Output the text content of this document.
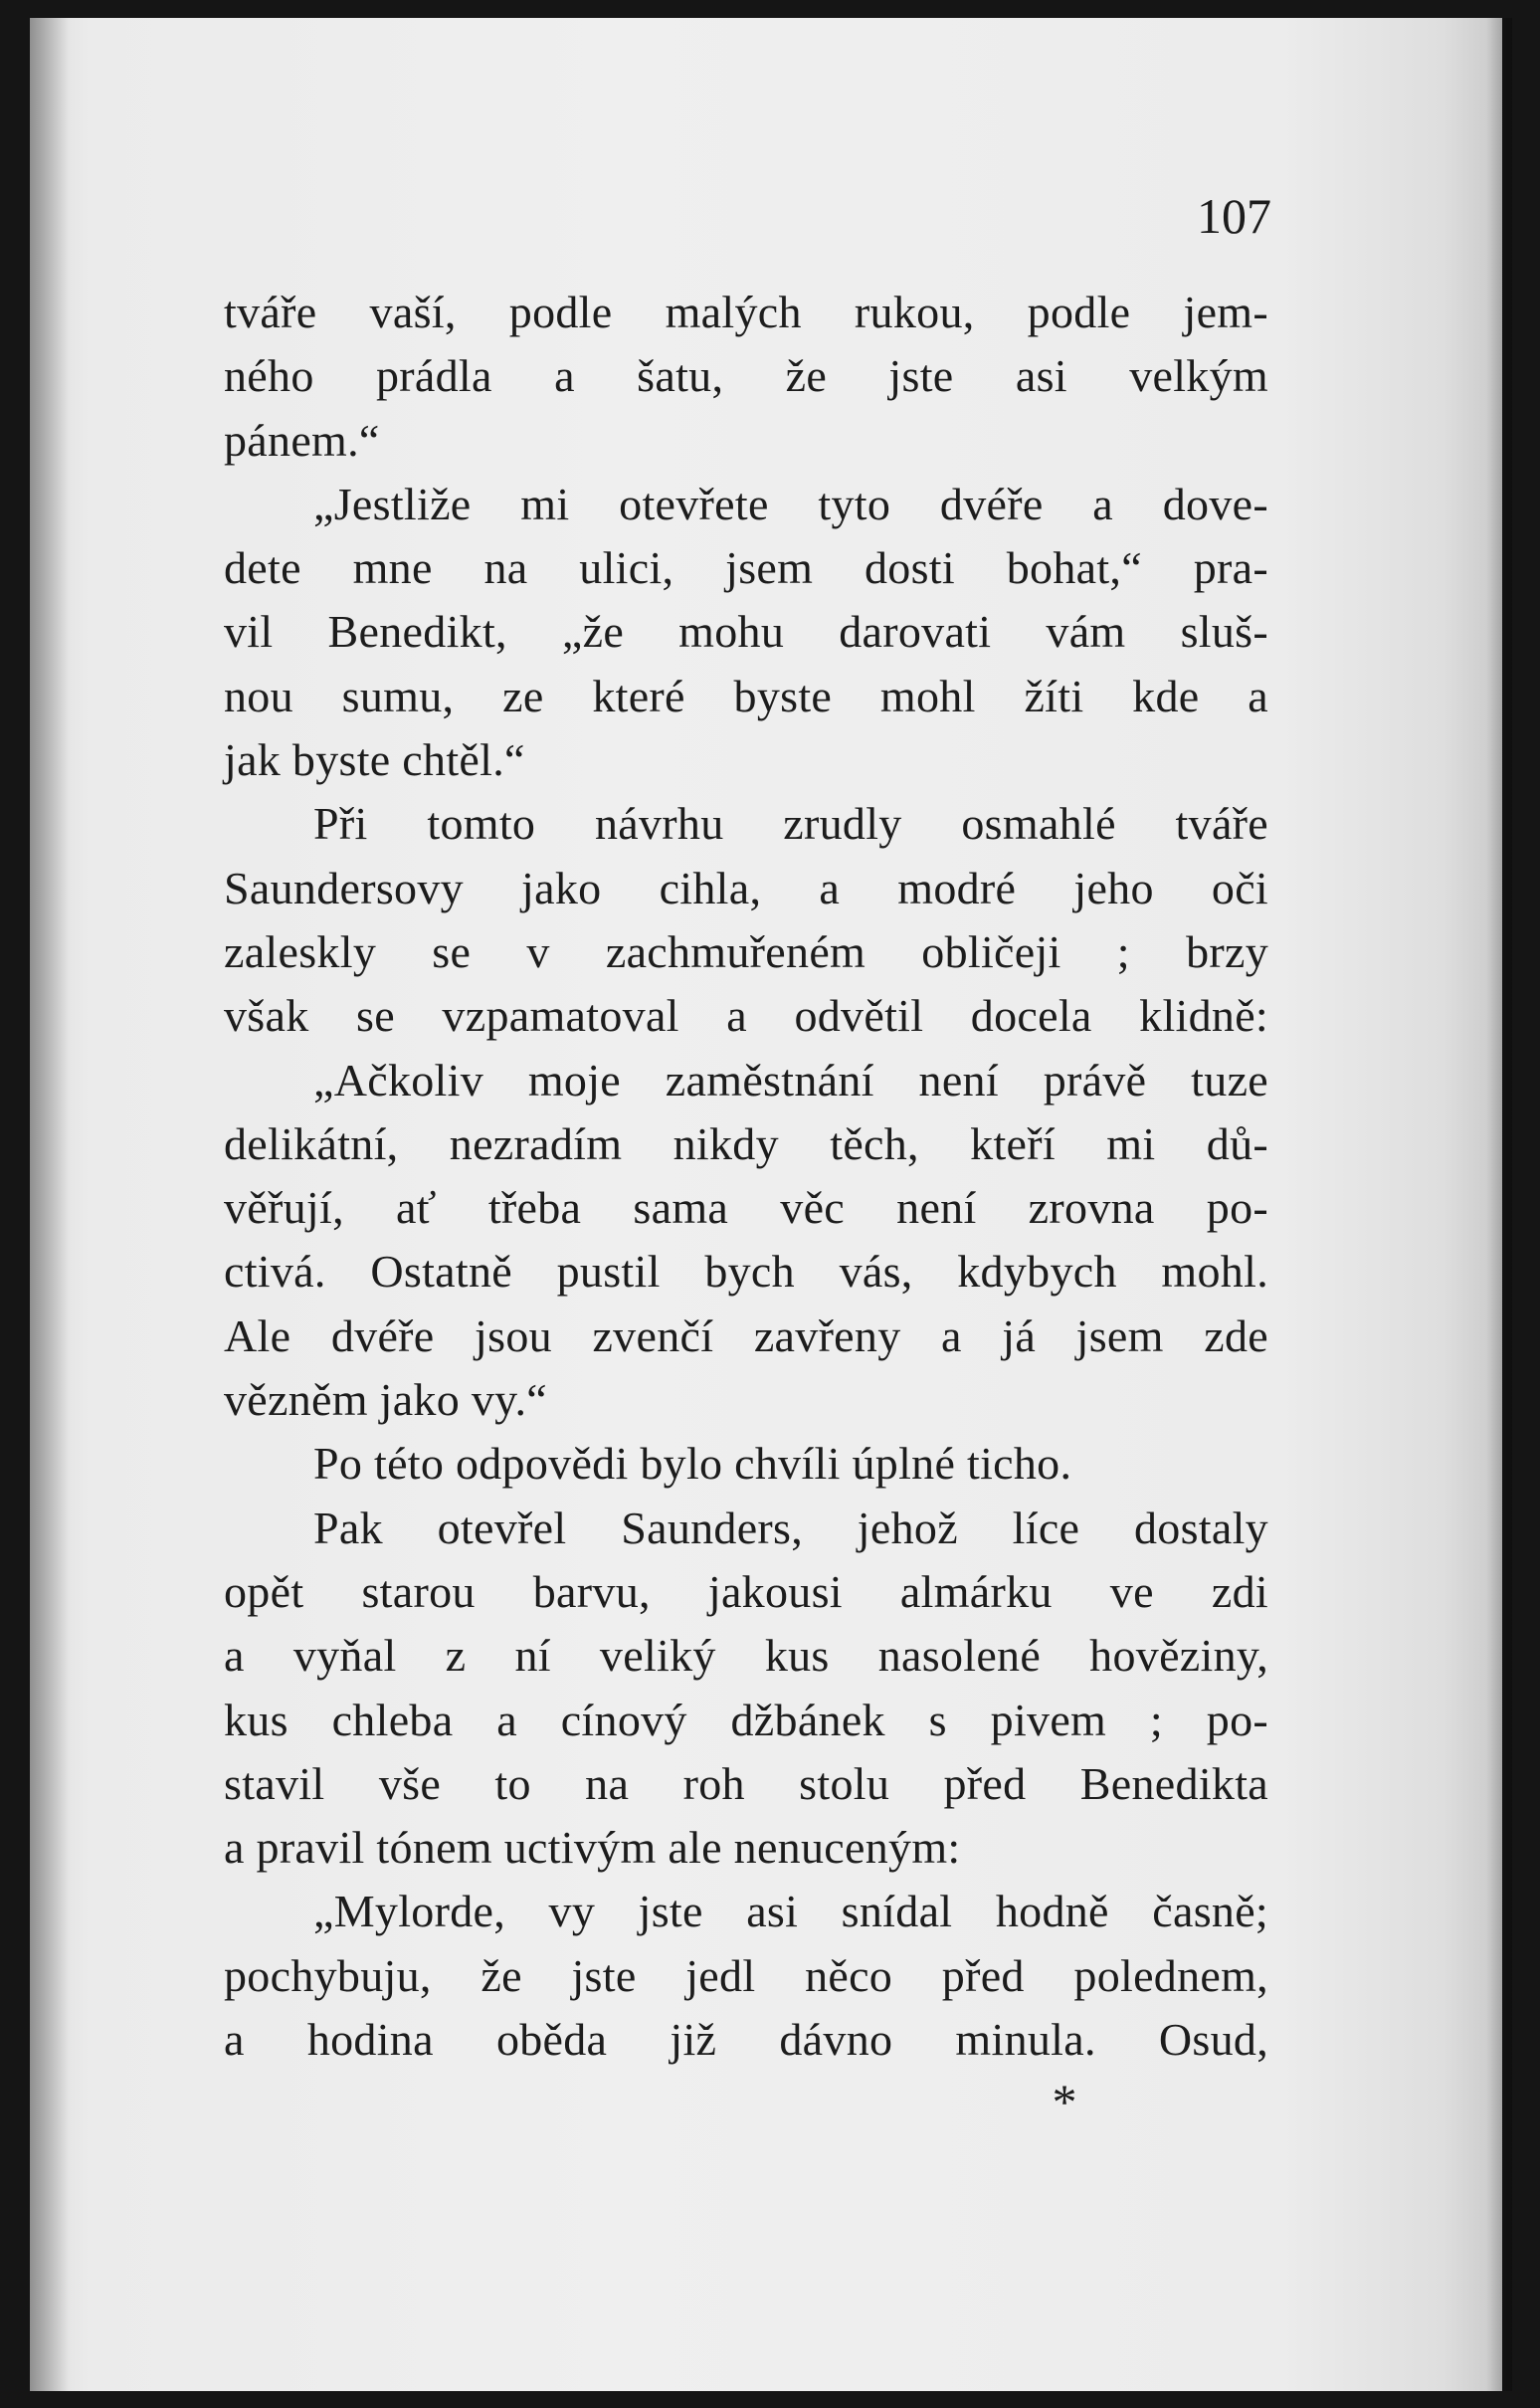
107
tváře vaší, podle malých rukou, podle jem-
ného prádla a šatu, že jste asi velkým
pánem.“
„Jestliže mi otevřete tyto dvéře a dove-
dete mne na ulici, jsem dosti bohat,“ pra-
vil Benedikt, „že mohu darovati vám sluš-
nou sumu, ze které byste mohl žíti kde a
jak byste chtěl.“
Při tomto návrhu zrudly osmahlé tváře
Saundersovy jako cihla, a modré jeho oči
zaleskly se v zachmuřeném obličeji ; brzy
však se vzpamatoval a odvětil docela klidně:
„Ačkoliv moje zaměstnání není právě tuze
delikátní, nezradím nikdy těch, kteří mi dů-
věřují, ať třeba sama věc není zrovna po-
ctivá. Ostatně pustil bych vás, kdybych mohl.
Ale dvéře jsou zvenčí zavřeny a já jsem zde
vězněm jako vy.“
Po této odpovědi bylo chvíli úplné ticho.
Pak otevřel Saunders, jehož líce dostaly
opět starou barvu, jakousi almárku ve zdi
a vyňal z ní veliký kus nasolené hověziny,
kus chleba a cínový džbánek s pivem ; po-
stavil vše to na roh stolu před Benedikta
a pravil tónem uctivým ale nenuceným:
„Mylorde, vy jste asi snídal hodně časně;
pochybuju, že jste jedl něco před polednem,
a hodina oběda již dávno minula. Osud,
*
